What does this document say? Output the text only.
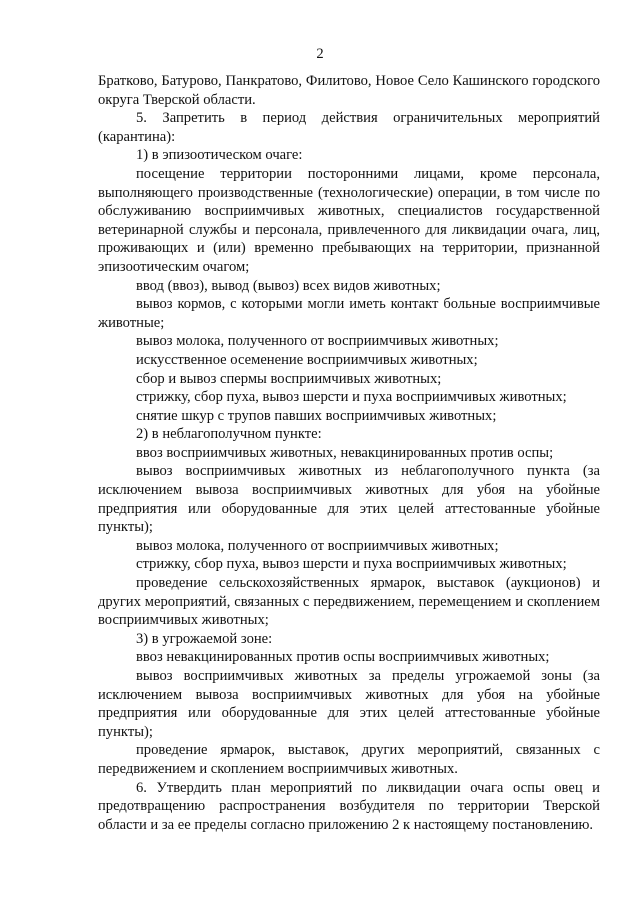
2

Братково, Батурово, Панкратово, Филитово, Новое Село Кашинского городского округа Тверской области.

5. Запретить в период действия ограничительных мероприятий (карантина):

1) в эпизоотическом очаге:

посещение территории посторонними лицами, кроме персонала, выполняющего производственные (технологические) операции, в том числе по обслуживанию восприимчивых животных, специалистов государственной ветеринарной службы и персонала, привлеченного для ликвидации очага, лиц, проживающих и (или) временно пребывающих на территории, признанной эпизоотическим очагом;

ввод (ввоз), вывод (вывоз) всех видов животных;

вывоз кормов, с которыми могли иметь контакт больные восприимчивые животные;

вывоз молока, полученного от восприимчивых животных;

искусственное осеменение восприимчивых животных;

сбор и вывоз спермы восприимчивых животных;

стрижку, сбор пуха, вывоз шерсти и пуха восприимчивых животных;

снятие шкур с трупов павших восприимчивых животных;

2) в неблагополучном пункте:

ввоз восприимчивых животных, невакцинированных против оспы;

вывоз восприимчивых животных из неблагополучного пункта (за исключением вывоза восприимчивых животных для убоя на убойные предприятия или оборудованные для этих целей аттестованные убойные пункты);

вывоз молока, полученного от восприимчивых животных;

стрижку, сбор пуха, вывоз шерсти и пуха восприимчивых животных;

проведение сельскохозяйственных ярмарок, выставок (аукционов) и других мероприятий, связанных с передвижением, перемещением и скоплением восприимчивых животных;

3) в угрожаемой зоне:

ввоз невакцинированных против оспы восприимчивых животных;

вывоз восприимчивых животных за пределы угрожаемой зоны (за исключением вывоза восприимчивых животных для убоя на убойные предприятия или оборудованные для этих целей аттестованные убойные пункты);

проведение ярмарок, выставок, других мероприятий, связанных с передвижением и скоплением восприимчивых животных.

6. Утвердить план мероприятий по ликвидации очага оспы овец и предотвращению распространения возбудителя по территории Тверской области и за ее пределы согласно приложению 2 к настоящему постановлению.
